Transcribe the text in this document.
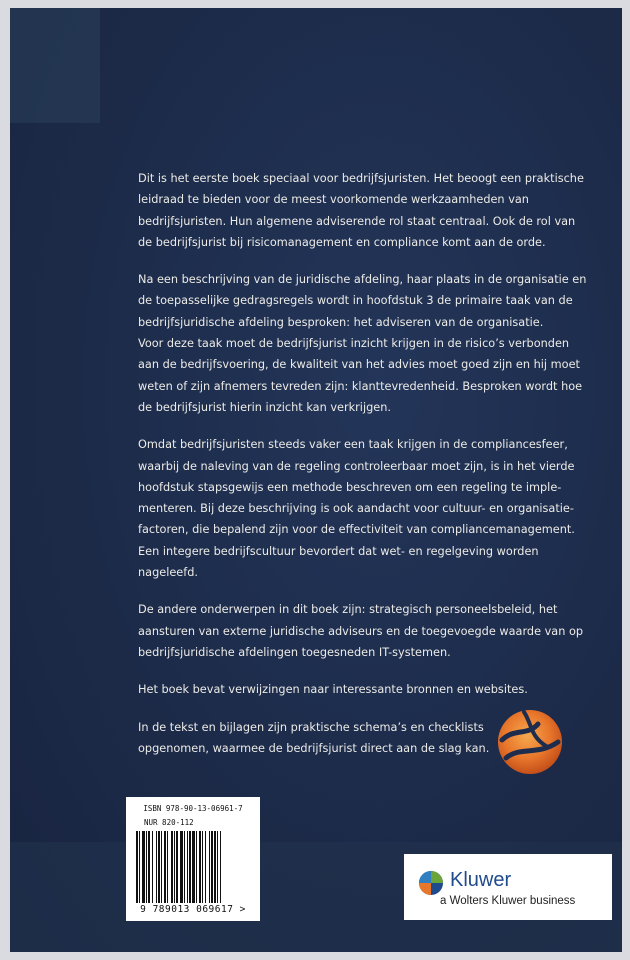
Dit is het eerste boek speciaal voor bedrijfsjuristen. Het beoogt een praktische
leidraad te bieden voor de meest voorkomende werkzaamheden van
bedrijfsjuristen. Hun algemene adviserende rol staat centraal. Ook de rol van
de bedrijfsjurist bij risicomanagement en compliance komt aan de orde.
Na een beschrijving van de juridische afdeling, haar plaats in de organisatie en
de toepasselijke gedragsregels wordt in hoofdstuk 3 de primaire taak van de
bedrijfsjuridische afdeling besproken: het adviseren van de organisatie.
Voor deze taak moet de bedrijfsjurist inzicht krijgen in de risico’s verbonden
aan de bedrijfsvoering, de kwaliteit van het advies moet goed zijn en hij moet
weten of zijn afnemers tevreden zijn: klanttevredenheid. Besproken wordt hoe
de bedrijfsjurist hierin inzicht kan verkrijgen.
Omdat bedrijfsjuristen steeds vaker een taak krijgen in de compliancesfeer,
waarbij de naleving van de regeling controleerbaar moet zijn, is in het vierde
hoofdstuk stapsgewijs een methode beschreven om een regeling te imple-
menteren. Bij deze beschrijving is ook aandacht voor cultuur- en organisatie-
factoren, die bepalend zijn voor de effectiviteit van compliancemanagement.
Een integere bedrijfscultuur bevordert dat wet- en regelgeving worden
nageleefd.
De andere onderwerpen in dit boek zijn: strategisch personeelsbeleid, het
aansturen van externe juridische adviseurs en de toegevoegde waarde van op
bedrijfsjuridische afdelingen toegesneden IT-systemen.
Het boek bevat verwijzingen naar interessante bronnen en websites.
In de tekst en bijlagen zijn praktische schema’s en checklists
opgenomen, waarmee de bedrijfsjurist direct aan de slag kan.
ISBN 978-90-13-06961-7
NUR 820-112
9 789013 069617 >
Kluwer
a Wolters Kluwer business
